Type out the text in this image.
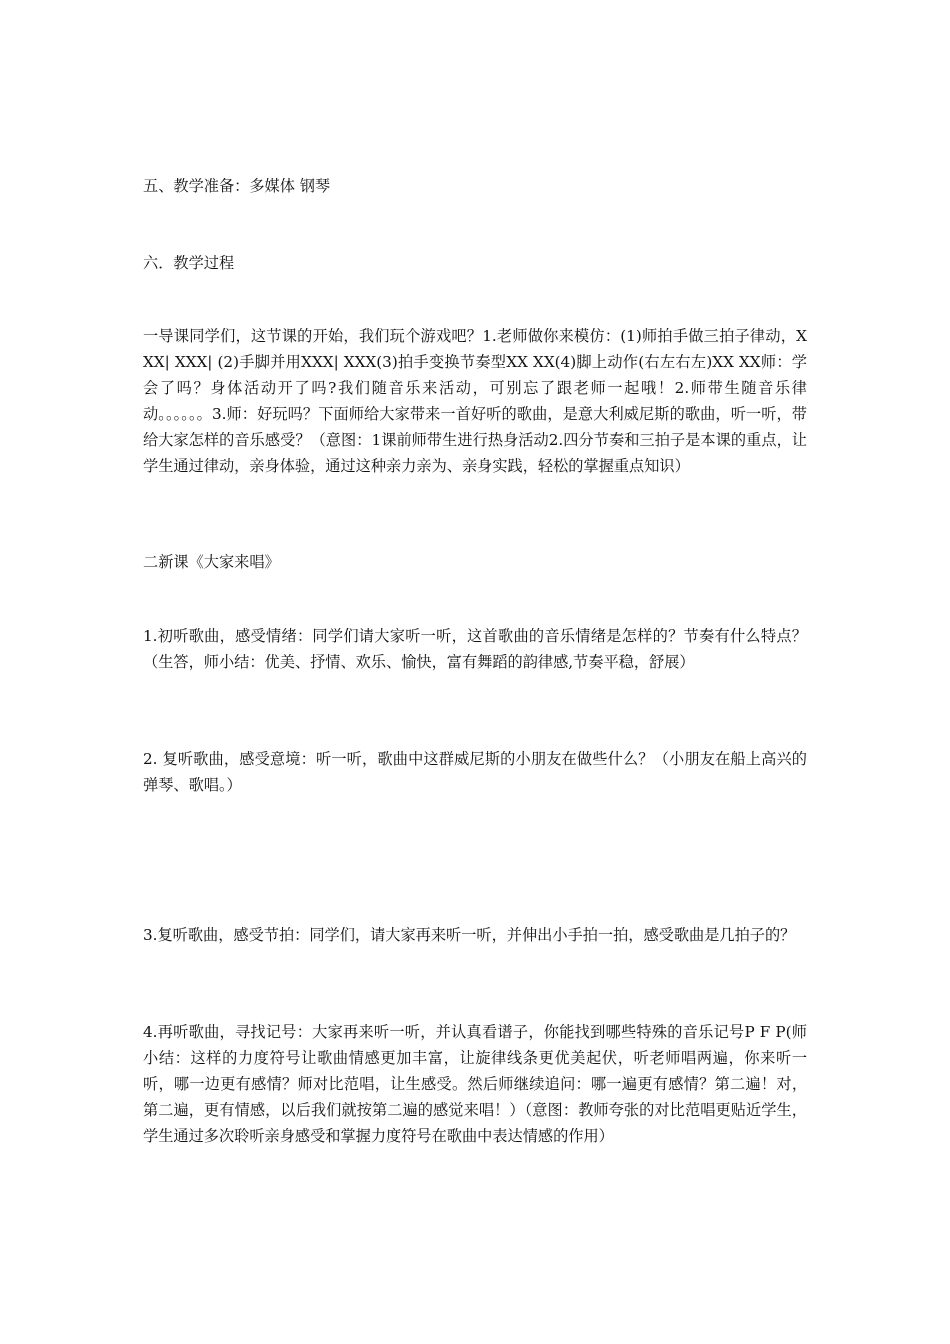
五、教学准备：多媒体 钢琴

六．教学过程

一导课同学们，这节课的开始，我们玩个游戏吧？1.老师做你来模仿：(1)师拍手做三拍子律动，XXX| XXX| (2)手脚并用XXX| XXX(3)拍手变换节奏型XX XX(4)脚上动作(右左右左)XX XX师：学会了吗？身体活动开了吗?我们随音乐来活动，可别忘了跟老师一起哦！2.师带生随音乐律动。。。。。。3.师：好玩吗？下面师给大家带来一首好听的歌曲，是意大利威尼斯的歌曲，听一听，带给大家怎样的音乐感受？（意图：1课前师带生进行热身活动2.四分节奏和三拍子是本课的重点，让学生通过律动，亲身体验，通过这种亲力亲为、亲身实践，轻松的掌握重点知识）

二新课《大家来唱》

1.初听歌曲，感受情绪：同学们请大家听一听，这首歌曲的音乐情绪是怎样的？节奏有什么特点？（生答，师小结：优美、抒情、欢乐、愉快，富有舞蹈的韵律感,节奏平稳，舒展）

2. 复听歌曲，感受意境：听一听，歌曲中这群威尼斯的小朋友在做些什么？（小朋友在船上高兴的弹琴、歌唱。）

3.复听歌曲，感受节拍：同学们，请大家再来听一听，并伸出小手拍一拍，感受歌曲是几拍子的？

4.再听歌曲，寻找记号：大家再来听一听，并认真看谱子，你能找到哪些特殊的音乐记号P F P(师小结：这样的力度符号让歌曲情感更加丰富，让旋律线条更优美起伏，听老师唱两遍，你来听一听，哪一边更有感情？师对比范唱，让生感受。然后师继续追问：哪一遍更有感情？第二遍！对，第二遍，更有情感，以后我们就按第二遍的感觉来唱！）（意图：教师夸张的对比范唱更贴近学生，学生通过多次聆听亲身感受和掌握力度符号在歌曲中表达情感的作用）
